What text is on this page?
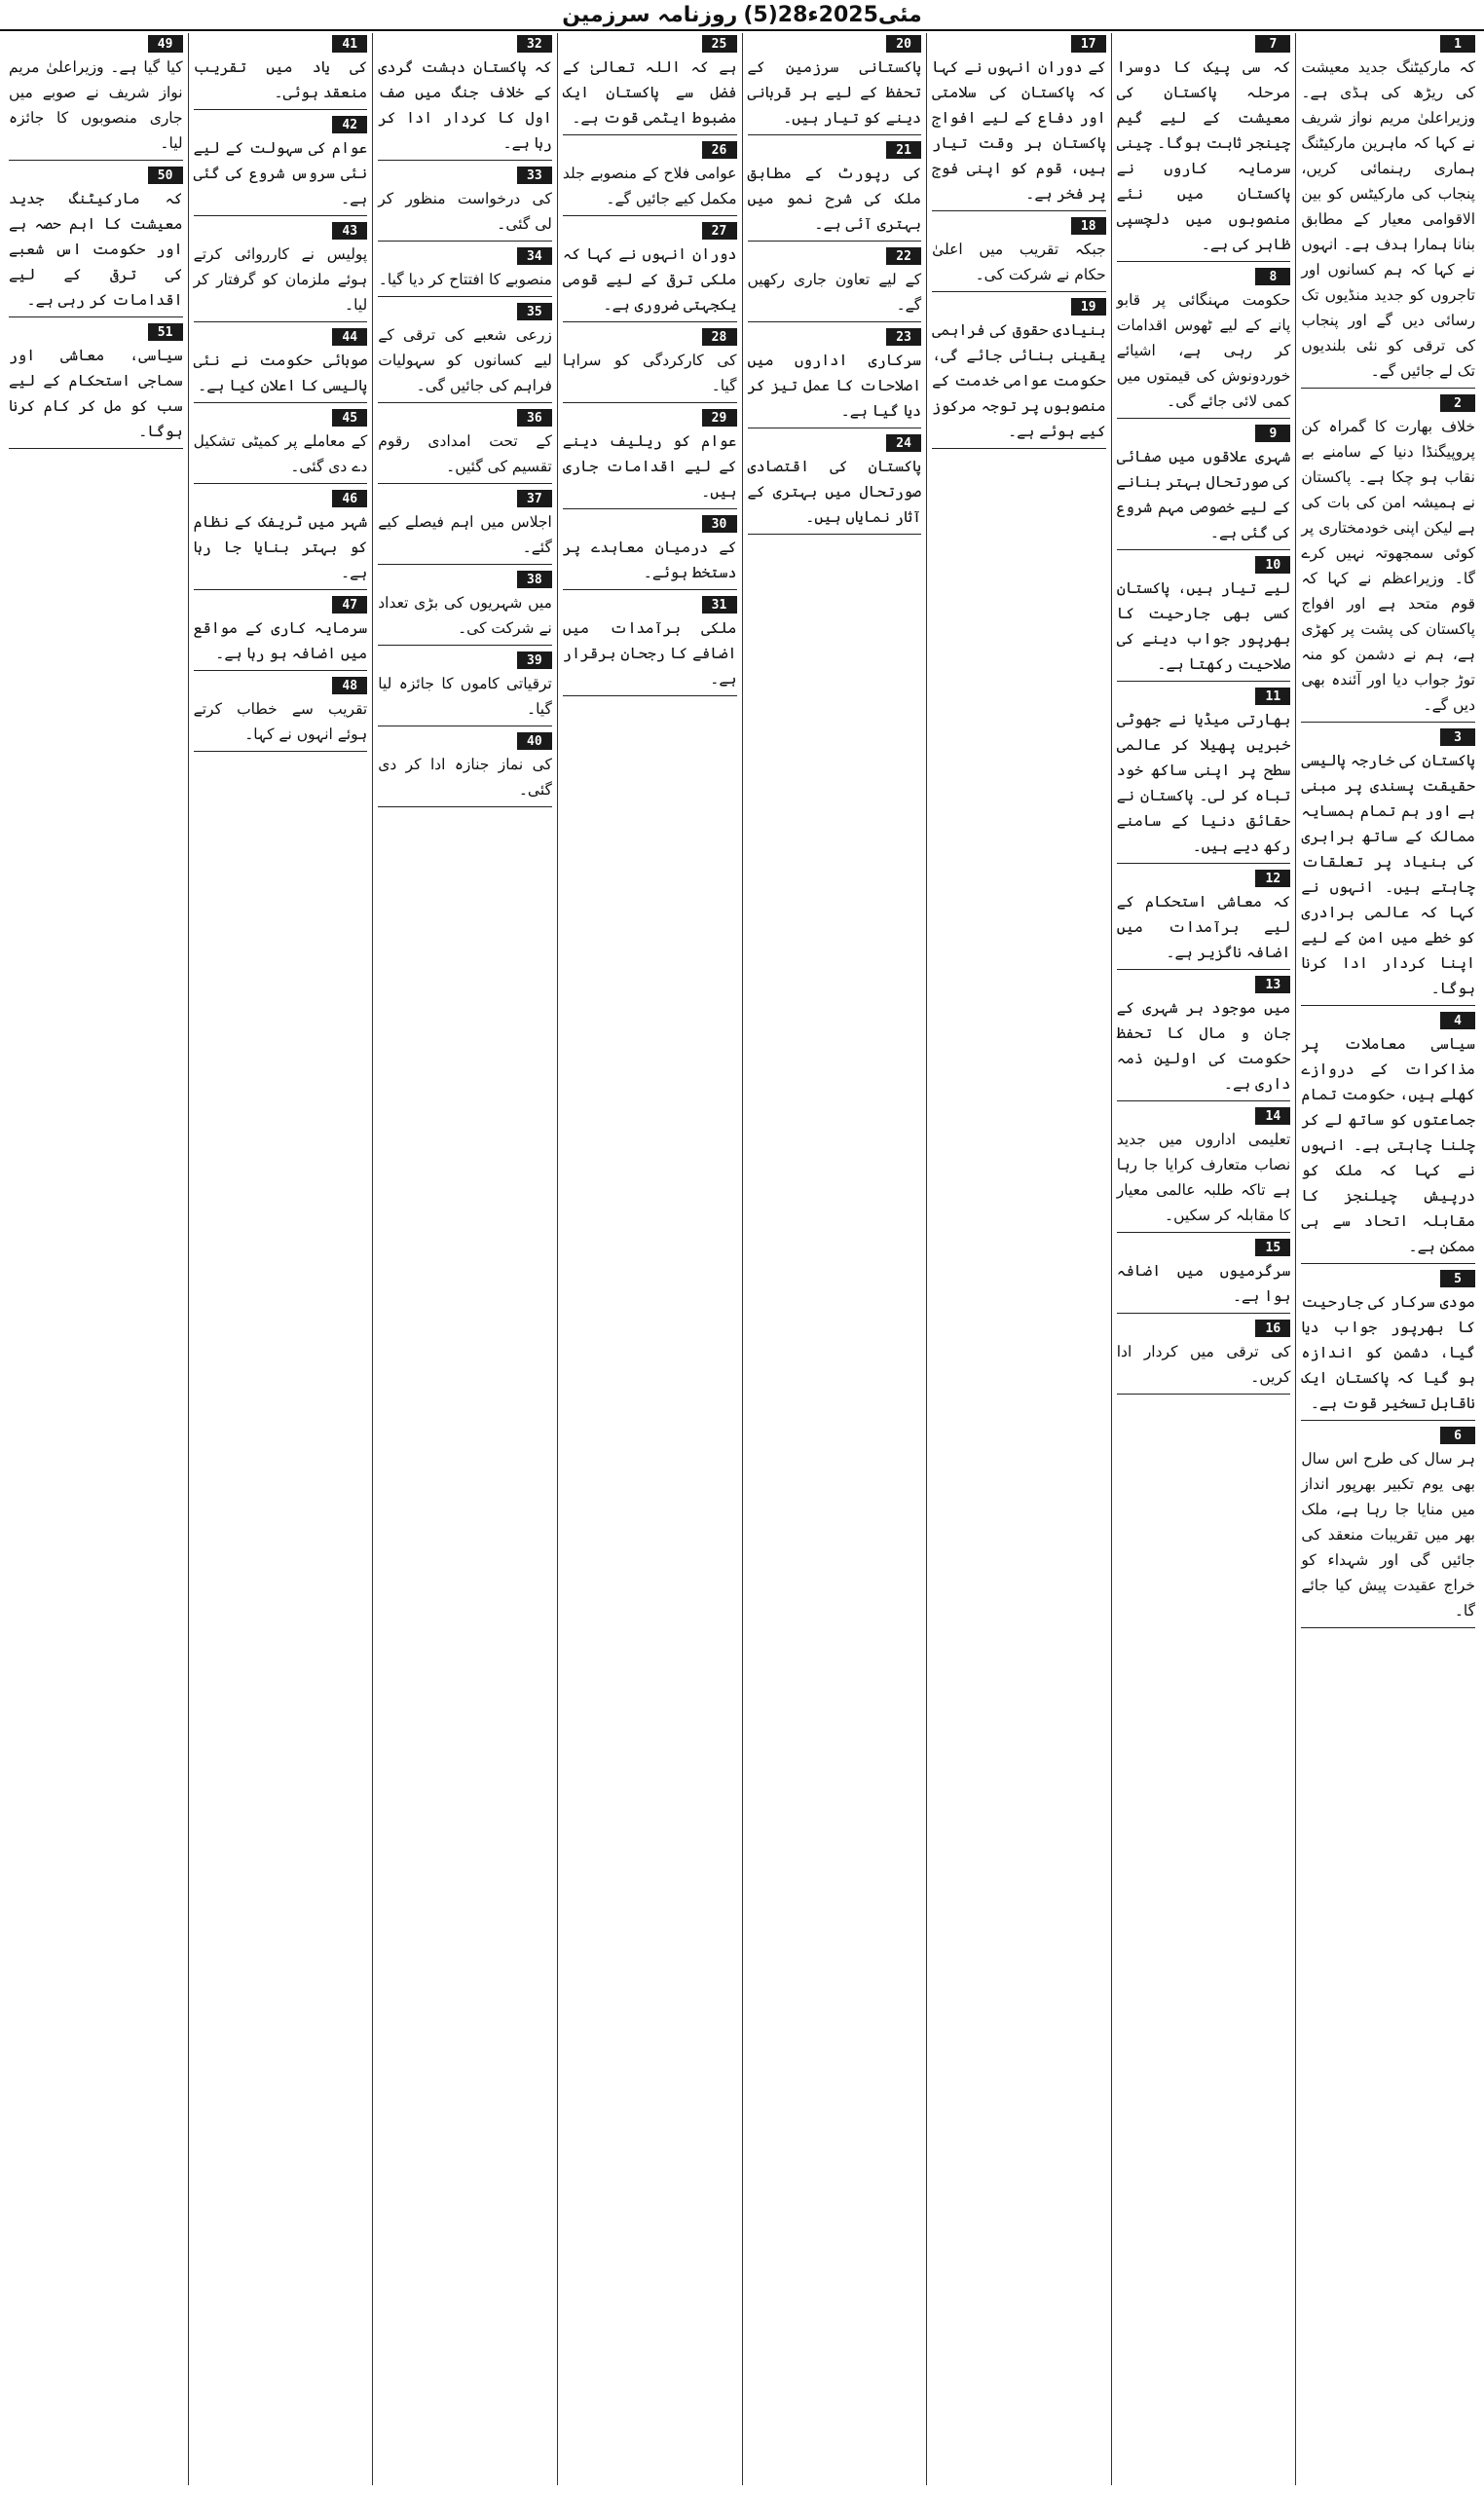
روزنامہ سرزمین (5)28مئی2025ء
1

کہ مارکیٹنگ جدید معیشت کی ریڑھ کی ہڈی ہے۔ وزیراعلیٰ مریم نواز شریف نے کہا کہ ماہرین مارکیٹنگ ہماری رہنمائی کریں، پنجاب کی مارکیٹس کو بین الاقوامی معیار کے مطابق بنانا ہمارا ہدف ہے۔ انہوں نے کہا کہ ہم کسانوں اور تاجروں کو جدید منڈیوں تک رسائی دیں گے اور پنجاب کی ترقی کو نئی بلندیوں تک لے جائیں گے۔

2

خلاف بھارت کا گمراہ کن پروپیگنڈا دنیا کے سامنے بے نقاب ہو چکا ہے۔ پاکستان نے ہمیشہ امن کی بات کی ہے لیکن اپنی خودمختاری پر کوئی سمجھوتہ نہیں کرے گا۔ وزیراعظم نے کہا کہ قوم متحد ہے اور افواج پاکستان کی پشت پر کھڑی ہے، ہم نے دشمن کو منہ توڑ جواب دیا اور آئندہ بھی دیں گے۔

3

پاکستان کی خارجہ پالیسی حقیقت پسندی پر مبنی ہے اور ہم تمام ہمسایہ ممالک کے ساتھ برابری کی بنیاد پر تعلقات چاہتے ہیں۔ انہوں نے کہا کہ عالمی برادری کو خطے میں امن کے لیے اپنا کردار ادا کرنا ہوگا۔

4

سیاسی معاملات پر مذاکرات کے دروازے کھلے ہیں، حکومت تمام جماعتوں کو ساتھ لے کر چلنا چاہتی ہے۔ انہوں نے کہا کہ ملک کو درپیش چیلنجز کا مقابلہ اتحاد سے ہی ممکن ہے۔

5

مودی سرکار کی جارحیت کا بھرپور جواب دیا گیا، دشمن کو اندازہ ہو گیا کہ پاکستان ایک ناقابل تسخیر قوت ہے۔

6

ہر سال کی طرح اس سال بھی یوم تکبیر بھرپور انداز میں منایا جا رہا ہے، ملک بھر میں تقریبات منعقد کی جائیں گی اور شہداء کو خراج عقیدت پیش کیا جائے گا۔

7

کہ سی پیک کا دوسرا مرحلہ پاکستان کی معیشت کے لیے گیم چینجر ثابت ہوگا۔ چینی سرمایہ کاروں نے پاکستان میں نئے منصوبوں میں دلچسپی ظاہر کی ہے۔

8

حکومت مہنگائی پر قابو پانے کے لیے ٹھوس اقدامات کر رہی ہے، اشیائے خوردونوش کی قیمتوں میں کمی لائی جائے گی۔

9

شہری علاقوں میں صفائی کی صورتحال بہتر بنانے کے لیے خصوصی مہم شروع کی گئی ہے۔

10

لیے تیار ہیں، پاکستان کسی بھی جارحیت کا بھرپور جواب دینے کی صلاحیت رکھتا ہے۔

11

بھارتی میڈیا نے جھوٹی خبریں پھیلا کر عالمی سطح پر اپنی ساکھ خود تباہ کر لی۔ پاکستان نے حقائق دنیا کے سامنے رکھ دیے ہیں۔

12

کہ معاشی استحکام کے لیے برآمدات میں اضافہ ناگزیر ہے۔

13

میں موجود ہر شہری کے جان و مال کا تحفظ حکومت کی اولین ذمہ داری ہے۔

14

تعلیمی اداروں میں جدید نصاب متعارف کرایا جا رہا ہے تاکہ طلبہ عالمی معیار کا مقابلہ کر سکیں۔

15

سرگرمیوں میں اضافہ ہوا ہے۔

16

کی ترقی میں کردار ادا کریں۔

17

کے دوران انہوں نے کہا کہ پاکستان کی سلامتی اور دفاع کے لیے افواج پاکستان ہر وقت تیار ہیں، قوم کو اپنی فوج پر فخر ہے۔

18

جبکہ تقریب میں اعلیٰ حکام نے شرکت کی۔

19

بنیادی حقوق کی فراہمی یقینی بنائی جائے گی، حکومت عوامی خدمت کے منصوبوں پر توجہ مرکوز کیے ہوئے ہے۔

20

پاکستانی سرزمین کے تحفظ کے لیے ہر قربانی دینے کو تیار ہیں۔

21

کی رپورٹ کے مطابق ملک کی شرح نمو میں بہتری آئی ہے۔

22

کے لیے تعاون جاری رکھیں گے۔

23

سرکاری اداروں میں اصلاحات کا عمل تیز کر دیا گیا ہے۔

24

پاکستان کی اقتصادی صورتحال میں بہتری کے آثار نمایاں ہیں۔

25

ہے کہ اللہ تعالیٰ کے فضل سے پاکستان ایک مضبوط ایٹمی قوت ہے۔

26

عوامی فلاح کے منصوبے جلد مکمل کیے جائیں گے۔

27

دوران انہوں نے کہا کہ ملکی ترقی کے لیے قومی یکجہتی ضروری ہے۔

28

کی کارکردگی کو سراہا گیا۔

29

عوام کو ریلیف دینے کے لیے اقدامات جاری ہیں۔

30

کے درمیان معاہدے پر دستخط ہوئے۔

31

ملکی برآمدات میں اضافے کا رجحان برقرار ہے۔

32

کہ پاکستان دہشت گردی کے خلاف جنگ میں صف اول کا کردار ادا کر رہا ہے۔

33

کی درخواست منظور کر لی گئی۔

34

منصوبے کا افتتاح کر دیا گیا۔

35

زرعی شعبے کی ترقی کے لیے کسانوں کو سہولیات فراہم کی جائیں گی۔

36

کے تحت امدادی رقوم تقسیم کی گئیں۔

37

اجلاس میں اہم فیصلے کیے گئے۔

38

میں شہریوں کی بڑی تعداد نے شرکت کی۔

39

ترقیاتی کاموں کا جائزہ لیا گیا۔

40

کی نماز جنازہ ادا کر دی گئی۔

41

کی یاد میں تقریب منعقد ہوئی۔

42

عوام کی سہولت کے لیے نئی سروس شروع کی گئی ہے۔

43

پولیس نے کارروائی کرتے ہوئے ملزمان کو گرفتار کر لیا۔

44

صوبائی حکومت نے نئی پالیسی کا اعلان کیا ہے۔

45

کے معاملے پر کمیٹی تشکیل دے دی گئی۔

46

شہر میں ٹریفک کے نظام کو بہتر بنایا جا رہا ہے۔

47

سرمایہ کاری کے مواقع میں اضافہ ہو رہا ہے۔

48

تقریب سے خطاب کرتے ہوئے انہوں نے کہا۔

49

کیا گیا ہے۔ وزیراعلیٰ مریم نواز شریف نے صوبے میں جاری منصوبوں کا جائزہ لیا۔

50

کہ مارکیٹنگ جدید معیشت کا اہم حصہ ہے اور حکومت اس شعبے کی ترقی کے لیے اقدامات کر رہی ہے۔

51

سیاسی، معاشی اور سماجی استحکام کے لیے سب کو مل کر کام کرنا ہوگا۔
